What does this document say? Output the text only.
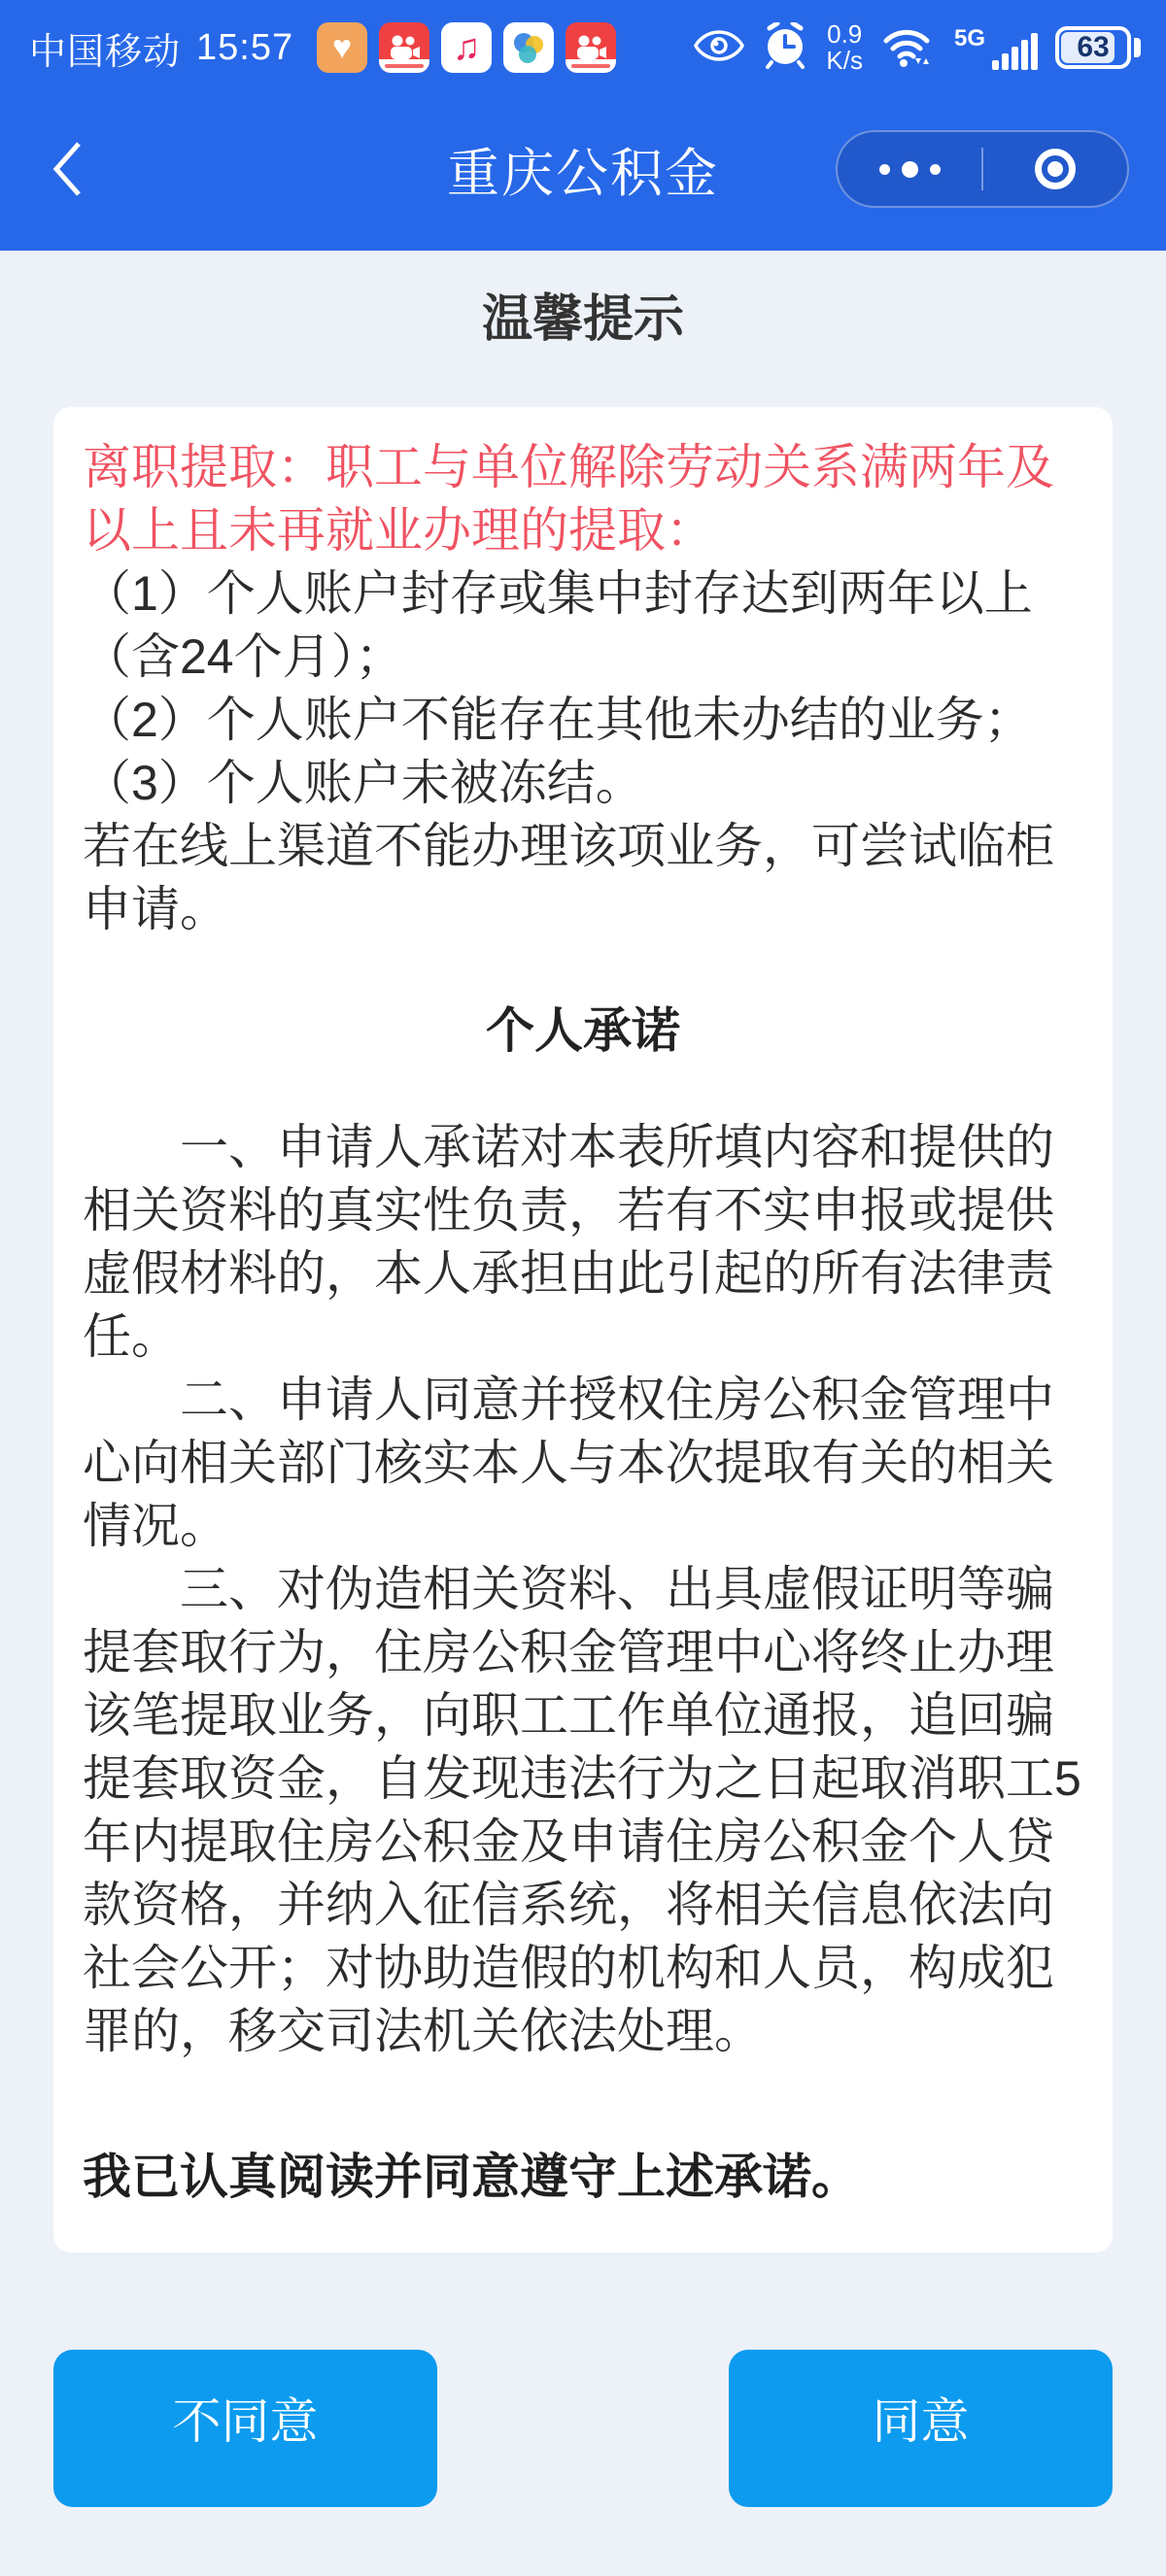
中国移动 15:57 ♥	♫	0.9
K/s
5G	63
重庆公积金
温馨提示
离职提取：职工与单位解除劳动关系满两年及以上且未再就业办理的提取：
（1）个人账户封存或集中封存达到两年以上（含24个月）；
（2）个人账户不能存在其他未办结的业务；
（3）个人账户未被冻结。
若在线上渠道不能办理该项业务，可尝试临柜申请。
个人承诺

一、申请人承诺对本表所填内容和提供的相关资料的真实性负责，若有不实申报或提供虚假材料的，本人承担由此引起的所有法律责任。

二、申请人同意并授权住房公积金管理中心向相关部门核实本人与本次提取有关的相关情况。

三、对伪造相关资料、出具虚假证明等骗提套取行为，住房公积金管理中心将终止办理该笔提取业务，向职工工作单位通报，追回骗提套取资金，自发现违法行为之日起取消职工5年内提取住房公积金及申请住房公积金个人贷款资格，并纳入征信系统，将相关信息依法向社会公开；对协助造假的机构和人员，构成犯罪的，移交司法机关依法处理。

我已认真阅读并同意遵守上述承诺。
不同意	同意
